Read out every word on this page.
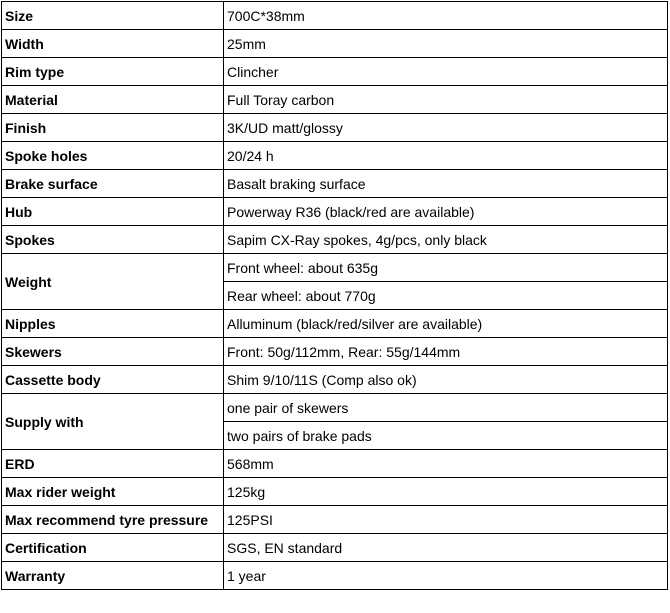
Size	700C*38mm
Width	25mm
Rim type	Clincher
Material	Full Toray carbon
Finish	3K/UD matt/glossy
Spoke holes	20/24 h
Brake surface	Basalt braking surface
Hub	Powerway R36 (black/red are available)
Spokes	Sapim CX-Ray spokes, 4g/pcs, only black
Weight	Front wheel: about 635g
	Rear wheel: about 770g
Nipples	Alluminum (black/red/silver are available)
Skewers	Front: 50g/112mm, Rear: 55g/144mm
Cassette body	Shim 9/10/11S (Comp also ok)
Supply with	one pair of skewers
	two pairs of brake pads
ERD	568mm
Max rider weight	125kg
Max recommend tyre pressure	125PSI
Certification	SGS, EN standard
Warranty	1 year
